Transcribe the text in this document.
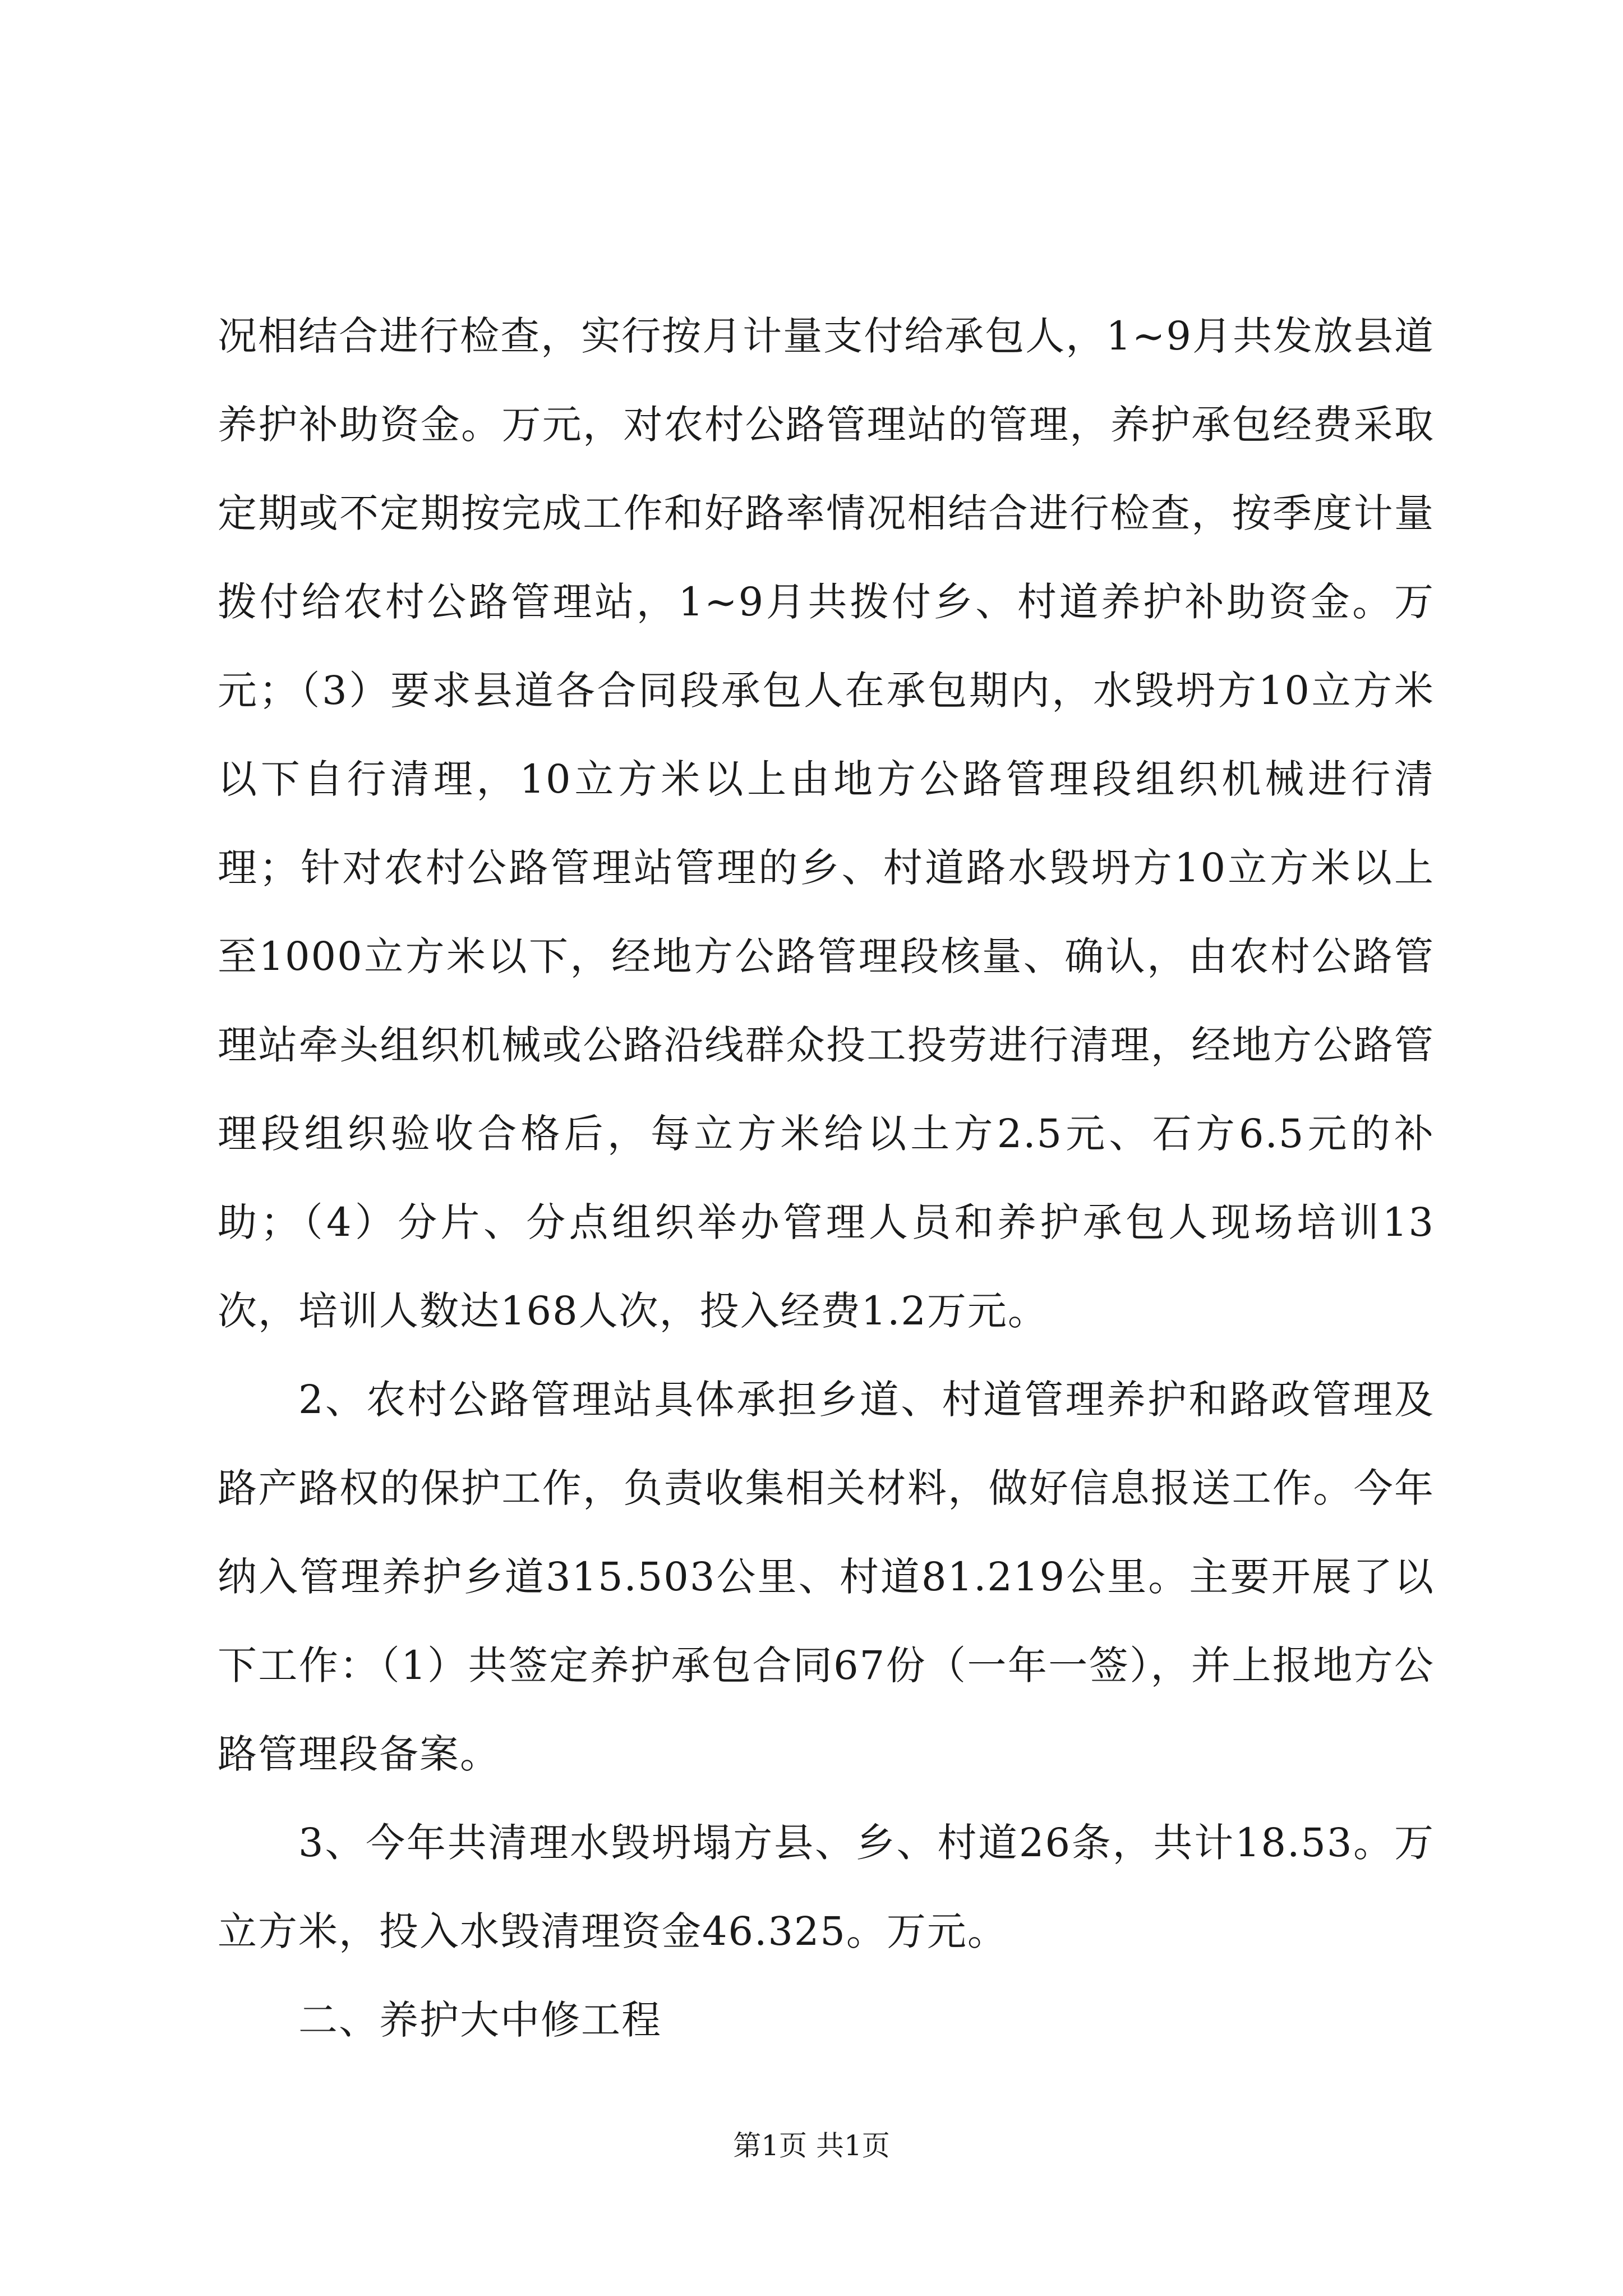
况相结合进行检查，实行按月计量支付给承包人，1~9月共发放县道养护补助资金。万元，对农村公路管理站的管理，养护承包经费采取定期或不定期按完成工作和好路率情况相结合进行检查，按季度计量拨付给农村公路管理站，1~9月共拨付乡、村道养护补助资金。万元；（3）要求县道各合同段承包人在承包期内，水毁坍方10立方米以下自行清理，10立方米以上由地方公路管理段组织机械进行清理；针对农村公路管理站管理的乡、村道路水毁坍方10立方米以上至1000立方米以下，经地方公路管理段核量、确认，由农村公路管理站牵头组织机械或公路沿线群众投工投劳进行清理，经地方公路管理段组织验收合格后，每立方米给以土方2.5元、石方6.5元的补助；（4）分片、分点组织举办管理人员和养护承包人现场培训13次，培训人数达168人次，投入经费1.2万元。

2、农村公路管理站具体承担乡道、村道管理养护和路政管理及路产路权的保护工作，负责收集相关材料，做好信息报送工作。今年纳入管理养护乡道315.503公里、村道81.219公里。主要开展了以下工作：（1）共签定养护承包合同67份（一年一签），并上报地方公路管理段备案。

3、今年共清理水毁坍塌方县、乡、村道26条，共计18.53。万立方米，投入水毁清理资金46.325。万元。

二、养护大中修工程

第1页 共1页
